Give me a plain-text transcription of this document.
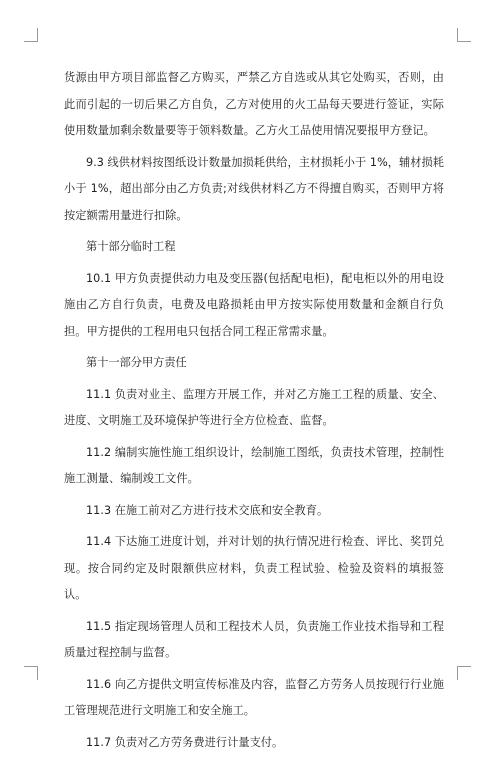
货源由甲方项目部监督乙方购买，严禁乙方自选或从其它处购买，否则，由此而引起的一切后果乙方自负，乙方对使用的火工品每天要进行签证，实际使用数量加剩余数量要等于领料数量。乙方火工品使用情况要报甲方登记。

9.3 线供材料按图纸设计数量加损耗供给，主材损耗小于 1%，辅材损耗小于 1%，超出部分由乙方负责;对线供材料乙方不得擅自购买，否则甲方将按定额需用量进行扣除。

第十部分临时工程

10.1 甲方负责提供动力电及变压器(包括配电柜)，配电柜以外的用电设施由乙方自行负责，电费及电路损耗由甲方按实际使用数量和金额自行负担。甲方提供的工程用电只包括合同工程正常需求量。

第十一部分甲方责任

11.1 负责对业主、监理方开展工作，并对乙方施工工程的质量、安全、进度、文明施工及环境保护等进行全方位检查、监督。

11.2 编制实施性施工组织设计，绘制施工图纸，负责技术管理，控制性施工测量、编制竣工文件。

11.3 在施工前对乙方进行技术交底和安全教育。

11.4 下达施工进度计划，并对计划的执行情况进行检查、评比、奖罚兑现。按合同约定及时限额供应材料，负责工程试验、检验及资料的填报签认。

11.5 指定现场管理人员和工程技术人员，负责施工作业技术指导和工程质量过程控制与监督。

11.6 向乙方提供文明宣传标准及内容，监督乙方劳务人员按现行行业施工管理规范进行文明施工和安全施工。

11.7 负责对乙方劳务费进行计量支付。
